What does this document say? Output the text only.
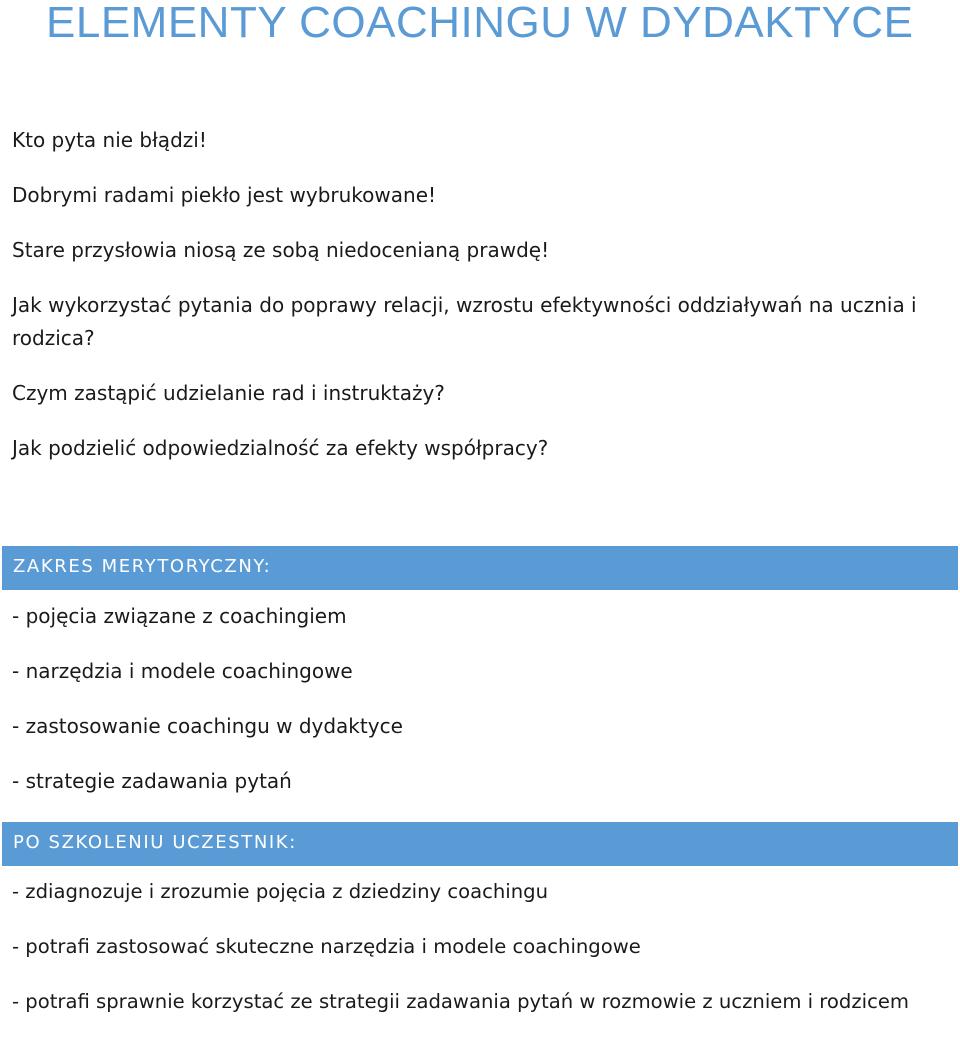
ELEMENTY COACHINGU W DYDAKTYCE

Kto pyta nie błądzi!

Dobrymi radami piekło jest wybrukowane!

Stare przysłowia niosą ze sobą niedocenianą prawdę!

Jak wykorzystać pytania do poprawy relacji, wzrostu efektywności oddziaływań na ucznia i rodzica?

Czym zastąpić udzielanie rad i instruktaży?

Jak podzielić odpowiedzialność za efekty współpracy?

ZAKRES MERYTORYCZNY:
- pojęcia związane z coachingiem
- narzędzia i modele coachingowe
- zastosowanie coachingu w dydaktyce
- strategie zadawania pytań
PO SZKOLENIU UCZESTNIK:
- zdiagnozuje i zrozumie pojęcia z dziedziny coachingu
- potrafi zastosować skuteczne narzędzia i modele coachingowe
- potrafi sprawnie korzystać ze strategii zadawania pytań w rozmowie z uczniem i rodzicem
